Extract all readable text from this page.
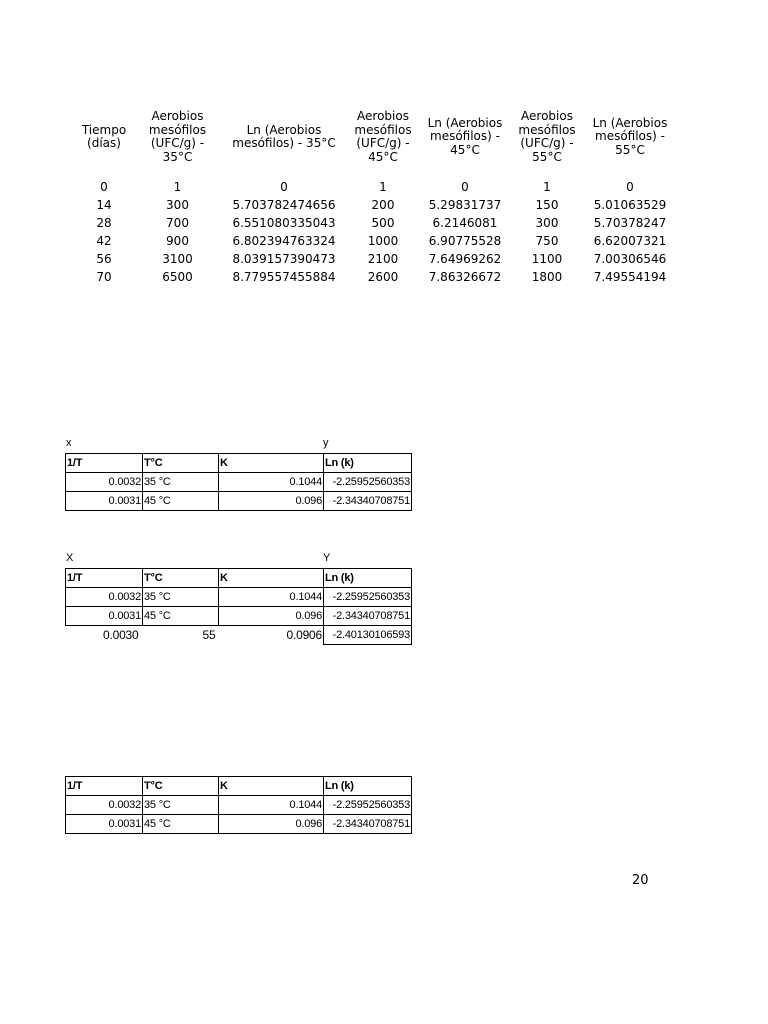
Tiempo
(días)	Aerobios
mesófilos
(UFC/g) -
35°C	Ln (Aerobios
mesófilos) - 35°C	Aerobios
mesófilos
(UFC/g) - 45°C	Ln (Aerobios
mesófilos) -
45°C	Aerobios
mesófilos
(UFC/g) - 55°C	Ln (Aerobios
mesófilos) -
55°C

0	1	0	1	0	1	0
14	300	5.703782474656	200	5.29831737	150	5.01063529
28	700	6.551080335043	500	6.2146081	300	5.70378247
42	900	6.802394763324	1000	6.90775528	750	6.62007321
56	3100	8.039157390473	2100	7.64969262	1100	7.00306546
70	6500	8.779557455884	2600	7.86326672	1800	7.49554194
x	y
1/T	T°C	K	Ln (k)
0.0032	35 °C	0.1044	-2.25952560353
0.0031	45 °C	0.096	-2.34340708751
X	Y
1/T	T°C	K	Ln (k)
0.0032	35 °C	0.1044	-2.25952560353
0.0031	45 °C	0.096	-2.34340708751
0.0030	55	0.0906	-2.40130106593
1/T	T°C	K	Ln (k)
0.0032	35 °C	0.1044	-2.25952560353
0.0031	45 °C	0.096	-2.34340708751
20
